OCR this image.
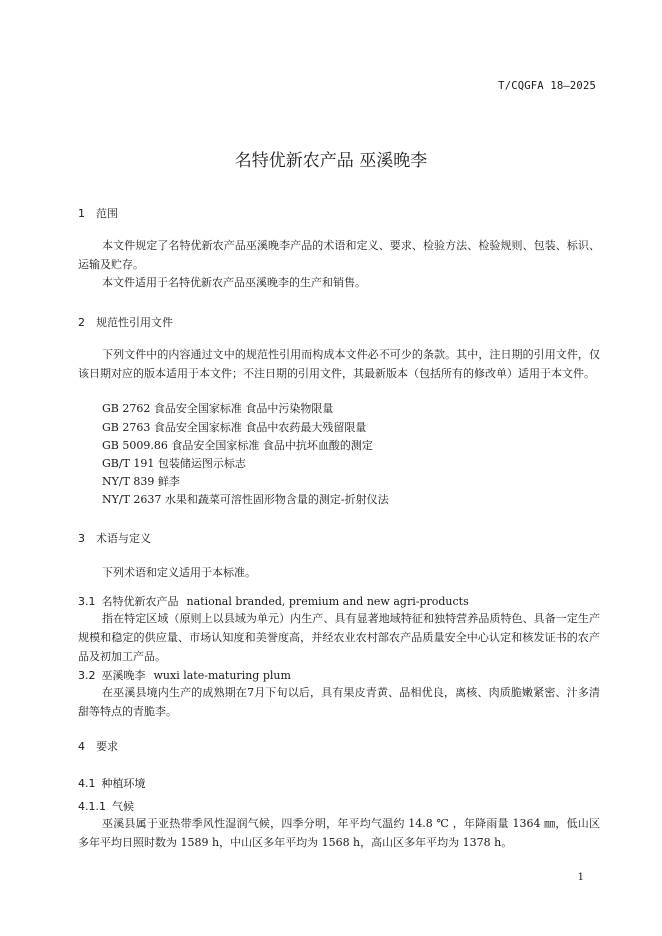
T/CQGFA 18—2025
名特优新农产品 巫溪晚李
1 范围
本文件规定了名特优新农产品巫溪晚李产品的术语和定义、要求、检验方法、检验规则、包装、标识、运输及贮存。
本文件适用于名特优新农产品巫溪晚李的生产和销售。
2 规范性引用文件
下列文件中的内容通过文中的规范性引用而构成本文件必不可少的条款。其中，注日期的引用文件，仅该日期对应的版本适用于本文件；不注日期的引用文件，其最新版本（包括所有的修改单）适用于本文件。
GB 2762 食品安全国家标准 食品中污染物限量
GB 2763 食品安全国家标准 食品中农药最大残留限量
GB 5009.86 食品安全国家标准 食品中抗坏血酸的测定
GB/T 191 包装储运图示标志
NY/T 839 鲜李
NY/T 2637 水果和蔬菜可溶性固形物含量的测定-折射仪法
3 术语与定义
下列术语和定义适用于本标准。
3.1 名特优新农产品 national branded, premium and new agri-products
指在特定区域（原则上以县域为单元）内生产、具有显著地域特征和独特营养品质特色、具备一定生产规模和稳定的供应量、市场认知度和美誉度高，并经农业农村部农产品质量安全中心认定和核发证书的农产品及初加工产品。
3.2 巫溪晚李 wuxi late-maturing plum
在巫溪县境内生产的成熟期在7月下旬以后，具有果皮青黄、品相优良，离核、肉质脆嫩紧密、汁多清甜等特点的青脆李。
4 要求
4.1 种植环境
4.1.1 气候
巫溪县属于亚热带季风性湿润气候，四季分明，年平均气温约 14.8 ℃ ，年降雨量 1364 ㎜，低山区多年平均日照时数为 1589 h，中山区多年平均为 1568 h，高山区多年平均为 1378 h。
1
